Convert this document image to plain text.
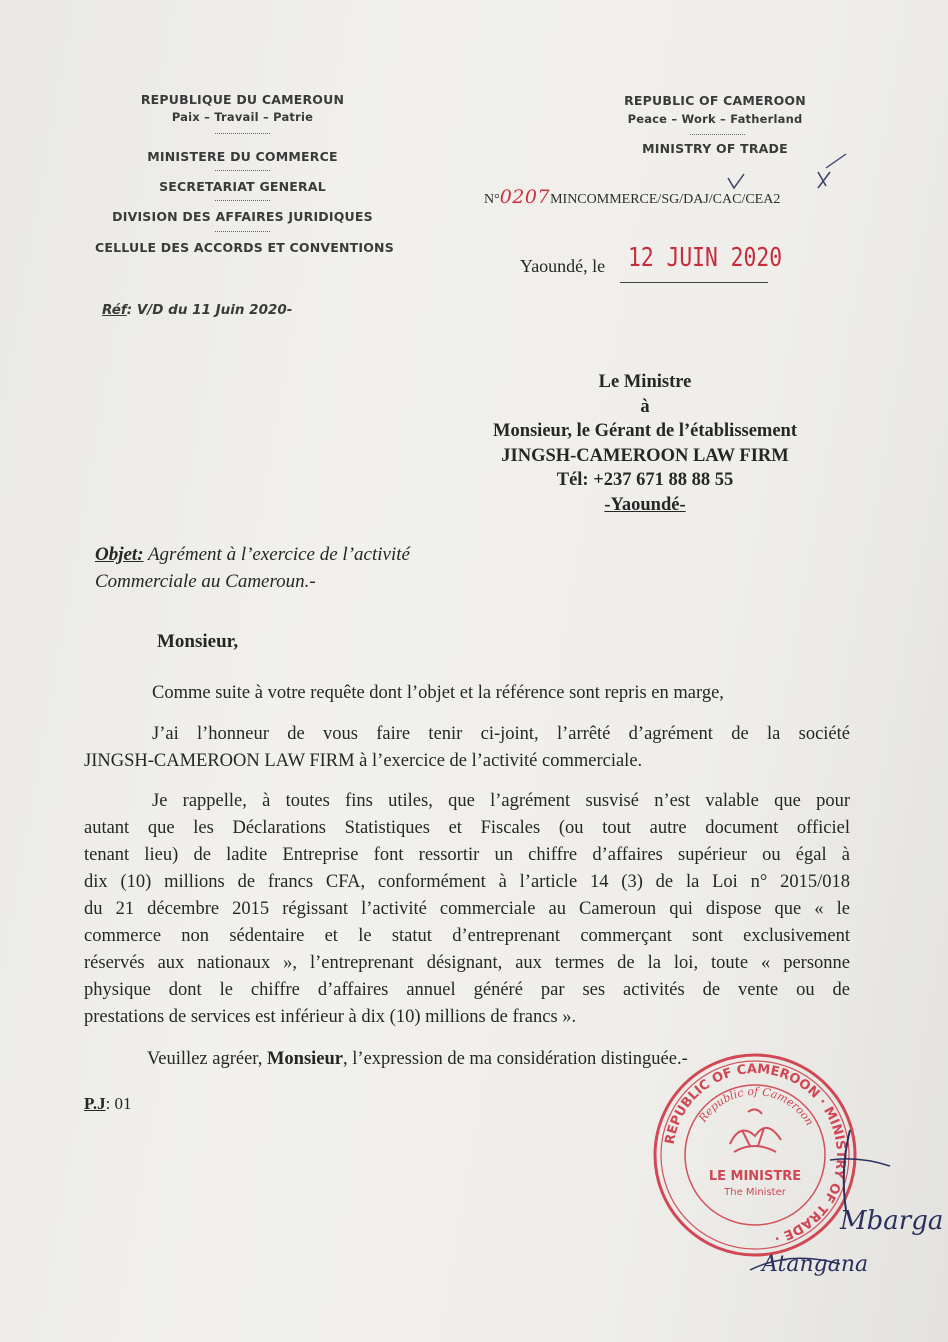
REPUBLIQUE DU CAMEROUN
Paix – Travail – Patrie
MINISTERE DU COMMERCE
SECRETARIAT GENERAL
DIVISION DES AFFAIRES JURIDIQUES
CELLULE DES ACCORDS ET CONVENTIONS
REPUBLIC OF CAMEROON
Peace – Work – Fatherland
MINISTRY OF TRADE
N°0207MINCOMMERCE/SG/DAJ/CAC/CEA2
Yaoundé, le 12 JUIN 2020
Réf: V/D du 11 Juin 2020-
Le Ministre
à
Monsieur, le Gérant de l’établissement
JINGSH-CAMEROON LAW FIRM
Tél: +237 671 88 88 55
-Yaoundé-
Objet: Agrément à l’exercice de l’activité
Commerciale au Cameroun.-
Monsieur,
Comme suite à votre requête dont l’objet et la référence sont repris en marge,
J’ai l’honneur de vous faire tenir ci-joint, l’arrêté d’agrément de la société
JINGSH-CAMEROON LAW FIRM à l’exercice de l’activité commerciale.
Je rappelle, à toutes fins utiles, que l’agrément susvisé n’est valable que pour
autant que les Déclarations Statistiques et Fiscales (ou tout autre document officiel
tenant lieu) de ladite Entreprise font ressortir un chiffre d’affaires supérieur ou égal à
dix (10) millions de francs CFA, conformément à l’article 14 (3) de la Loi n° 2015/018
du 21 décembre 2015 régissant l’activité commerciale au Cameroun qui dispose que « le
commerce non sédentaire et le statut d’entreprenant commerçant sont exclusivement
réservés aux nationaux », l’entreprenant désignant, aux termes de la loi, toute « personne
physique dont le chiffre d’affaires annuel généré par ses activités de vente ou de
prestations de services est inférieur à dix (10) millions de francs ».
Veuillez agréer, Monsieur, l’expression de ma considération distinguée.-
P.J: 01
REPUBLIC OF CAMEROON · MINISTRY OF TRADE ·
Republic of Cameroon
LE MINISTRE
The Minister
Mbarga
Atangana
